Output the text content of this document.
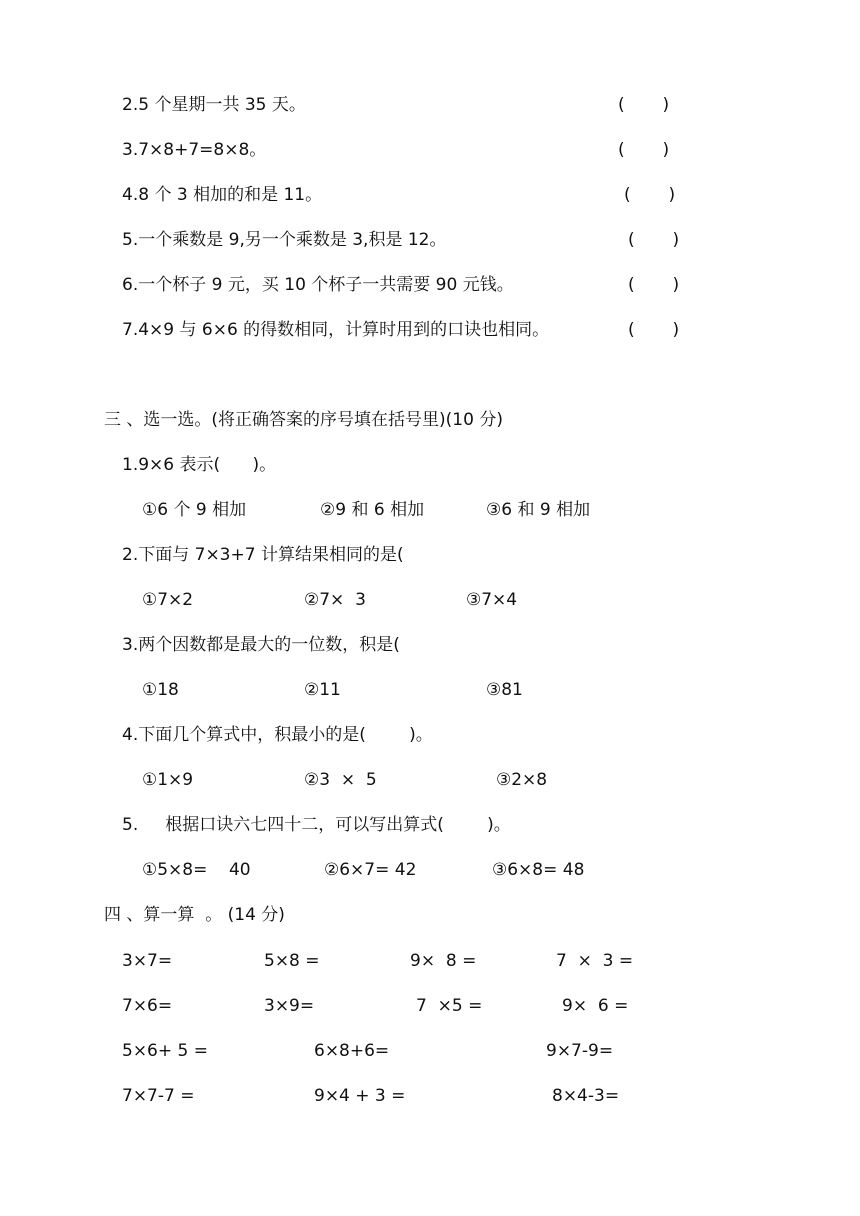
2.5 个星期一共 35 天。	(       )
3.7×8+7=8×8。	(       )
4.8 个 3 相加的和是 11。	(       )
5.一个乘数是 9,另一个乘数是 3,积是 12。	(       )
6.一个杯子 9 元，买 10 个杯子一共需要 90 元钱。	(       )
7.4×9 与 6×6 的得数相同，计算时用到的口诀也相同。	(       )
三 、选一选。(将正确答案的序号填在括号里)(10 分)
1.9×6 表示(      )。
①6 个 9 相加	②9 和 6 相加	③6 和 9 相加
2.下面与 7×3+7 计算结果相同的是(
①7×2	②7×  3	③7×4
3.两个因数都是最大的一位数，积是(
①18	②11	③81
4.下面几个算式中，积最小的是(        )。
①1×9	②3  ×  5	③2×8
5.     根据口诀六七四十二，可以写出算式(        )。
①5×8=    40	②6×7= 42	③6×8= 48
四 、算一算  。 (14 分)
3×7=	5×8 =	9×  8 =	7  ×  3 =
7×6=	3×9=	7  ×5 =	9×  6 =
5×6+ 5 =	6×8+6=	9×7-9=
7×7-7 =	9×4 + 3 =	8×4-3=
